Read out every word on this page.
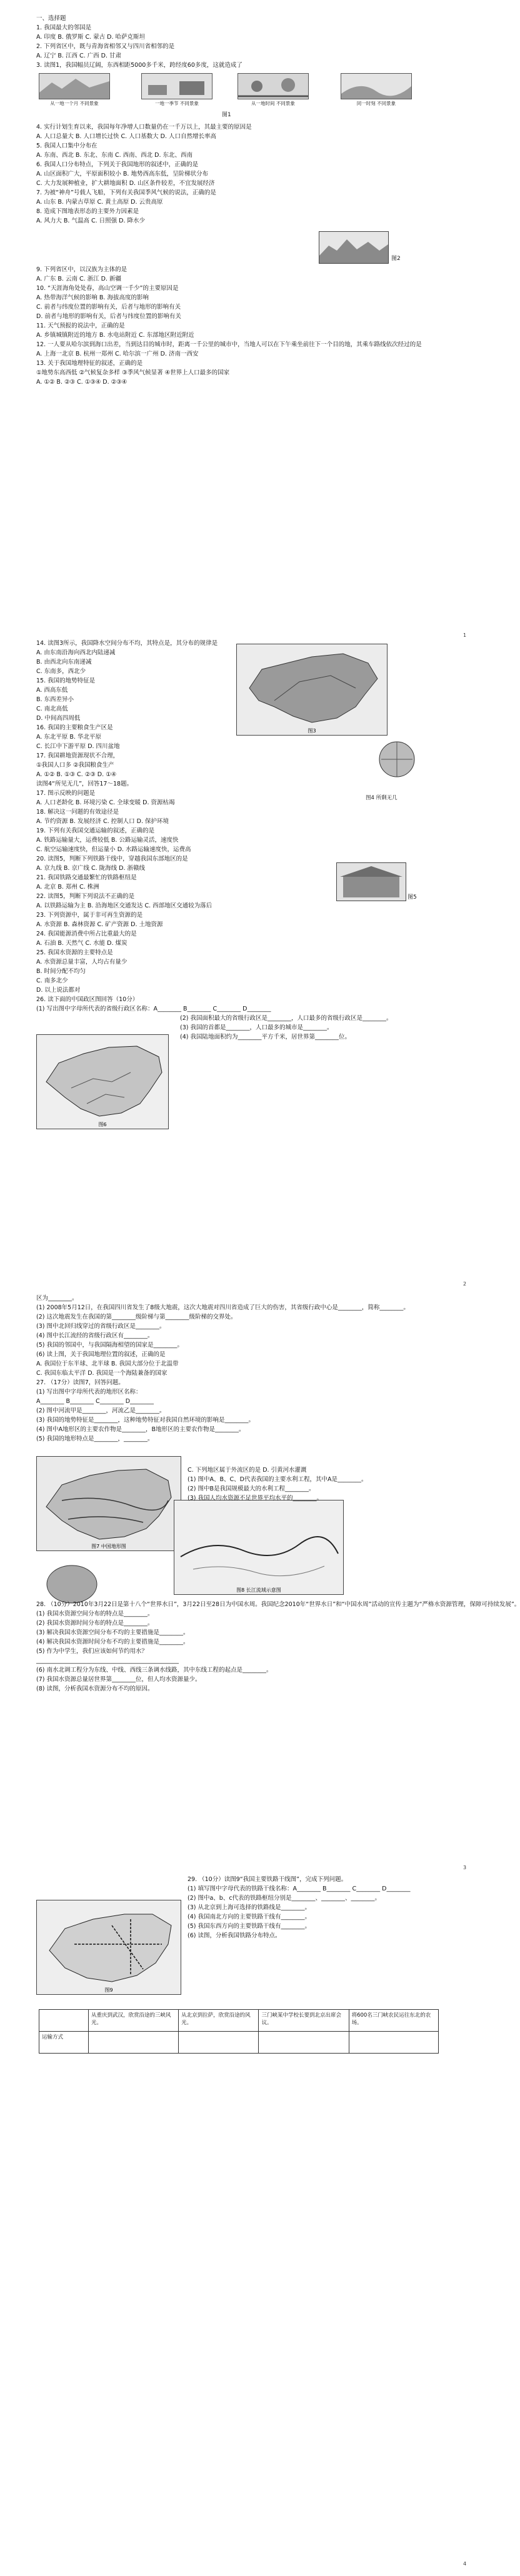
1
2
3
4
一、选择题
1. 我国最大的邻国是
A. 印度 B. 俄罗斯 C. 蒙古 D. 哈萨克斯坦
2. 下列省区中，既与青海省相邻又与四川省相邻的是
A. 辽宁 B. 江西 C. 广西 D. 甘肃
3. 读图1，我国幅员辽阔，东西相距5000多千米，跨经度60多度，这就造成了
从一地一个月 不同景象	一地一季节 不同景象	从一地时间 不同景象	同一时刻 不同景象
图1
4. 实行计划生育以来，我国每年净增人口数量仍在一千万以上，其最主要的原因是
A. 人口总量大 B. 人口增长过快 C. 人口基数大 D. 人口自然增长率高
5. 我国人口集中分布在
A. 东南、西北 B. 东北、东南 C. 西南、西北 D. 东北、西南
6. 我国人口分布特点，下列关于我国地形的叙述中，正确的是
A. 山区面积广大，平原面积较小 B. 地势西高东低，呈阶梯状分布
C. 大力发展种植业，扩大耕地面积 D. 山区条件较差，不宜发展经济
7. 为被“神舟”号载人飞船，下列有关我国季风气候的说法，正确的是
A. 山东 B. 内蒙古草原 C. 黄土高原 D. 云贵高原
8. 造成下图地表形态的主要外力因素是
A. 风力大 B. 气温高 C. 日照强 D. 降水少
图2
9. 下列省区中，以汉族为主体的是
A. 广东 B. 云南 C. 浙江 D. 新疆
10. “天涯海角处处春，高山空调一千少”的主要原因是
A. 热带海洋气候的影响 B. 海拔高度的影响
C. 前者与纬度位置的影响有关，后者与地形的影响有关
D. 前者与地形的影响有关，后者与纬度位置的影响有关
11. 天气预报的说法中，正确的是
A. 乡镇城镇附近的地方 B. 水电站附近 C. 东部地区附近附近
12. 一人要从哈尔滨到海口出差，当到达目的城市时，距离一千公里的城市中，当地人可以在下午乘坐前往下一个目的地，其乘车路线依次经过的是
A. 上海一北京 B. 杭州一郑州 C. 哈尔滨一广州 D. 济南一西安
13. 关于我国地理特征的叙述，正确的是
①地势东高西低 ②气候复杂多样 ③季风气候显著 ④世界上人口最多的国家
A. ①② B. ②③ C. ①③④ D. ②③④
图3
图4 所剩无几
图5
14. 读图3所示，我国降水空间分布不均，其特点是，其分布的规律是
A. 由东南沿海向西北内陆递减
B. 由西北向东南递减
C. 东南多，西北少
15. 我国的地势特征是
A. 西高东低
B. 东西差异小
C. 南北高低
D. 中间高四周低
16. 我国的主要粮食生产区是
A. 东北平原 B. 华北平原
C. 长江中下游平原 D. 四川盆地
17. 我国耕地资源现状不合理，
①我国人口多 ②我国粮食生产
A. ①② B. ①③ C. ②③ D. ①④
读图4“所见无几”，回答17～18题。
17. 图示反映的问题是
A. 人口老龄化 B. 环境污染 C. 全球变暖 D. 资源枯竭
18. 解决这一问题的有效途径是
A. 节约资源 B. 发展经济 C. 控制人口 D. 保护环境
19. 下列有关我国交通运输的叙述，正确的是
A. 铁路运输量大，运费较低 B. 公路运输灵活，速度快
C. 航空运输速度快，但运量小 D. 水路运输速度快，运费高
20. 读图5，判断下列铁路干线中，穿越我国东部地区的是
A. 京九线 B. 京广线 C. 陇海线 D. 浙赣线
21. 我国铁路交通最繁忙的铁路枢纽是
A. 北京 B. 郑州 C. 株洲
22. 读图5，判断下列说法不正确的是
A. 以铁路运输为主 B. 沿海地区交通发达 C. 西部地区交通较为落后
23. 下列资源中，属于非可再生资源的是
A. 水资源 B. 森林资源 C. 矿产资源 D. 土地资源
24. 我国能源消费中所占比重最大的是
A. 石油 B. 天然气 C. 水能 D. 煤炭
25. 我国水资源的主要特点是
A. 水资源总量丰富，人均占有量少
B. 时间分配不均匀
C. 南多北少
D. 以上说法都对
26. 读下面的中国政区图回答（10分）
(1) 写出图中字母所代表的省级行政区名称：A________ B________ C________ D________
(2) 我国面积最大的省级行政区是________，人口最多的省级行政区是________。
(3) 我国的首都是________，人口最多的城市是________。
(4) 我国陆地面积约为________平方千米，居世界第________位。
图6
区为________。
(1) 2008年5月12日，在我国四川省发生了8级大地震，这次大地震对四川省造成了巨大的伤害，其省级行政中心是________，简称________。
(2) 这次地震发生在我国的第________级阶梯与第________级阶梯的交界处。
(3) 图中北回归线穿过的省级行政区是________。
(4) 图中长江流经的省级行政区有________。
(5) 我国的邻国中，与我国隔海相望的国家是________。
(6) 读上图，关于我国地理位置的叙述，正确的是
A. 我国位于东半球、北半球 B. 我国大部分位于北温带
C. 我国东临太平洋 D. 我国是一个海陆兼备的国家
27. （17分）读图7，回答问题。
(1) 写出图中字母所代表的地形区名称：
A________ B________ C________ D________
(2) 图中河流甲是________，河流乙是________。
(3) 我国的地势特征是________，这种地势特征对我国自然环境的影响是________。
(4) 图中A地形区的主要农作物是________，B地形区的主要农作物是________。
(5) 我国的地形特点是________，________。
图7 中国地形图
图8 长江流域示意图
C. 下列地区属于外流区的是 D. 引黄河水灌溉
(1) 图中A、B、C、D代表我国的主要水利工程，其中A是________。
(2) 图中B是我国规模最大的水利工程________。
(3) 我国人均水资源不足世界平均水平的________。
28. （10分）2010年3月22日是第十八个“世界水日”，3月22日至28日为中国水周。我国纪念2010年“世界水日”和“中国水周”活动的宣传主题为“严格水资源管理，保障可持续发展”。
(1) 我国水资源空间分布的特点是________。
(2) 我国水资源时间分布的特点是________。
(3) 解决我国水资源空间分布不均的主要措施是________。
(4) 解决我国水资源时间分布不均的主要措施是________。
(5) 作为中学生，我们应该如何节约用水？
________________________________________________
(6) 南水北调工程分为东线、中线、西线三条调水线路，其中东线工程的起点是________。
(7) 我国水资源总量居世界第________位，但人均水资源量少。
(8) 读图，分析我国水资源分布不均的原因。
29. （10分）读图9“我国主要铁路干线图”，完成下列问题。
(1) 填写图中字母代表的铁路干线名称：A________ B________ C________ D________
(2) 图中a、b、c代表的铁路枢纽分别是________、________、________。
(3) 从北京到上海可选择的铁路线是________。
(4) 我国南北方向的主要铁路干线有________。
(5) 我国东西方向的主要铁路干线有________。
(6) 读图，分析我国铁路分布特点。
图9
	从重庆到武汉，欣赏沿途的三峡风光。	从北京到拉萨，欣赏沿途的风光。	三门峡某中学校长要到北京出席会议。	将600名三门峡农民运往东北的农场。
运输方式				
